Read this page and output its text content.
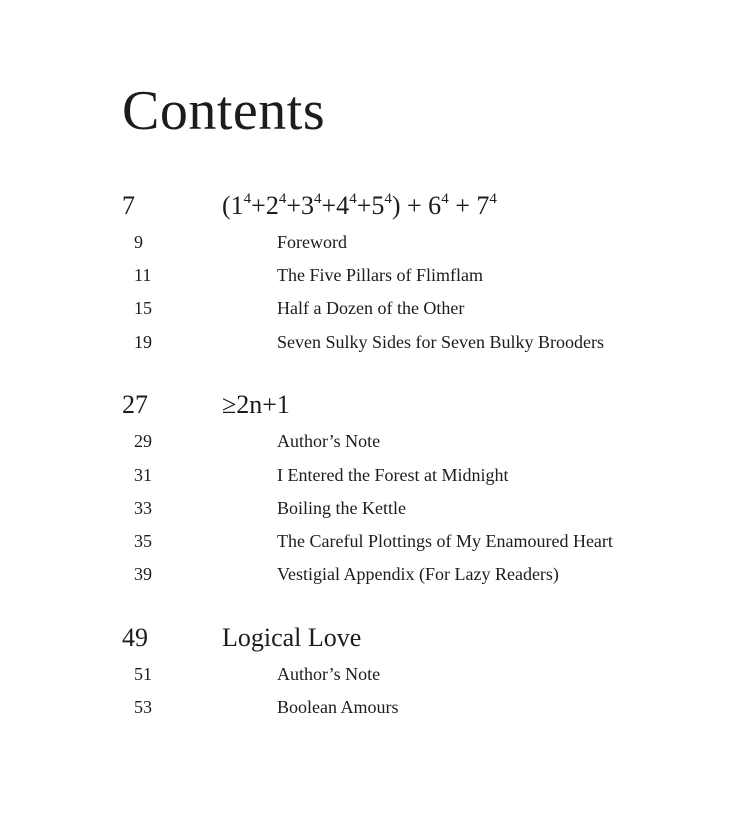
Contents
7	$(1^4+2^4+3^4+4^4+5^4) + 6^4 + 7^4$
9	Foreword
11	The Five Pillars of Flimflam
15	Half a Dozen of the Other
19	Seven Sulky Sides for Seven Bulky Brooders
27	≥2n+1
29	Author’s Note
31	I Entered the Forest at Midnight
33	Boiling the Kettle
35	The Careful Plottings of My Enamoured Heart
39	Vestigial Appendix (For Lazy Readers)
49	Logical Love
51	Author’s Note
53	Boolean Amours
